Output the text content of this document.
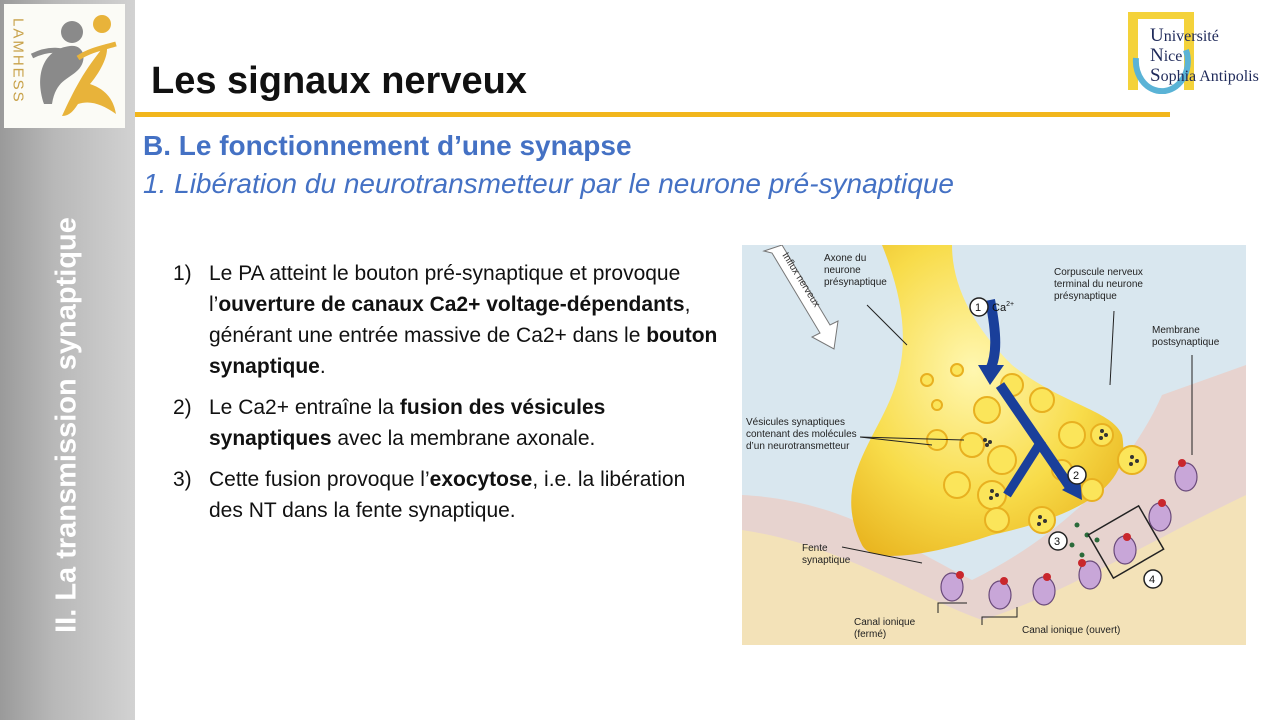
LAMHESS
II. La transmission synaptique
Les signaux nerveux
Université
Nice
Sophia Antipolis
B. Le fonctionnement d’une synapse
1. Libération du neurotransmetteur par le neurone pré-synaptique
1) Le PA atteint le bouton pré-synaptique et provoque l’ouverture de canaux Ca2+ voltage-dépendants, générant une entrée massive de Ca2+ dans le bouton synaptique.
2) Le Ca2+ entraîne la fusion des vésicules synaptiques avec la membrane axonale.
3) Cette fusion provoque l’exocytose, i.e. la libération des NT dans la fente synaptique.
Influx nerveux	1 $Ca^{2+}$
2
3
4
Axone du neurone présynaptique
Corpuscule nerveux terminal du neurone présynaptique
Membrane postsynaptique
Vésicules synaptiques contenant des molécules d’un neurotransmetteur
Fente synaptique
Canal ionique (fermé)	Canal ionique (ouvert)
